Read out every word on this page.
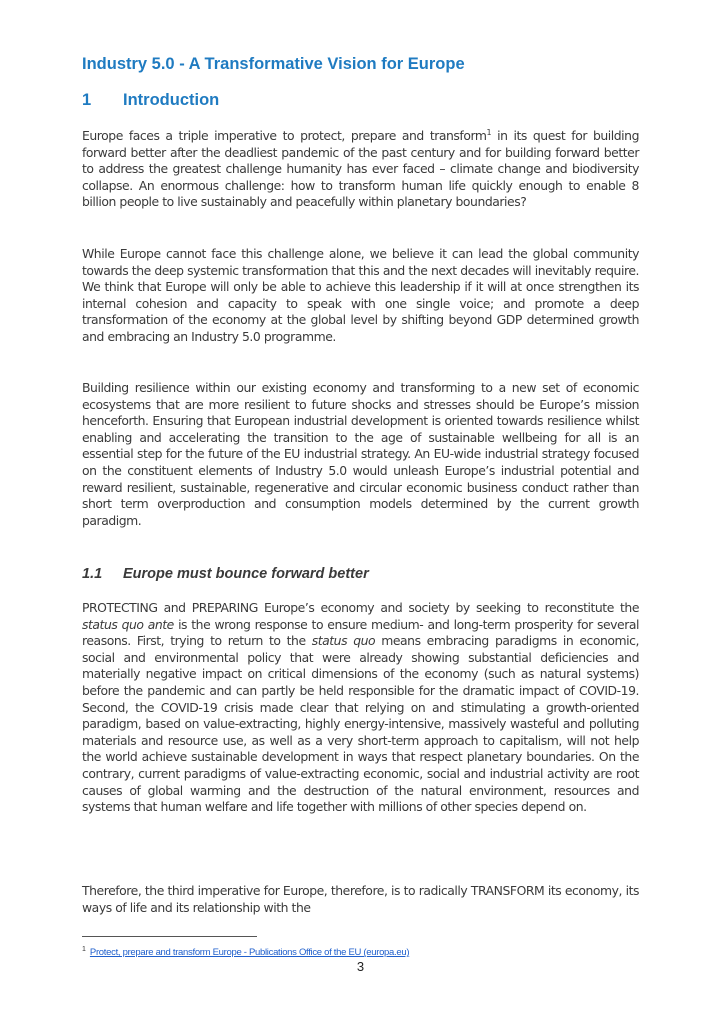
Industry 5.0 - A Transformative Vision for Europe
1 Introduction

Europe faces a triple imperative to protect, prepare and transform$^1$ in its quest for building forward better after the deadliest pandemic of the past century and for building forward better to address the greatest challenge humanity has ever faced – climate change and biodiversity collapse. An enormous challenge: how to transform human life quickly enough to enable 8 billion people to live sustainably and peacefully within planetary boundaries?

While Europe cannot face this challenge alone, we believe it can lead the global community towards the deep systemic transformation that this and the next decades will inevitably require. We think that Europe will only be able to achieve this leadership if it will at once strengthen its internal cohesion and capacity to speak with one single voice; and promote a deep transformation of the economy at the global level by shifting beyond GDP determined growth and embracing an Industry 5.0 programme.

Building resilience within our existing economy and transforming to a new set of economic ecosystems that are more resilient to future shocks and stresses should be Europe’s mission henceforth. Ensuring that European industrial development is oriented towards resilience whilst enabling and accelerating the transition to the age of sustainable wellbeing for all is an essential step for the future of the EU industrial strategy. An EU-wide industrial strategy focused on the constituent elements of Industry 5.0 would unleash Europe’s industrial potential and reward resilient, sustainable, regenerative and circular economic business conduct rather than short term overproduction and consumption models determined by the current growth paradigm.

1.1 Europe must bounce forward better

PROTECTING and PREPARING Europe’s economy and society by seeking to reconstitute the status quo ante is the wrong response to ensure medium- and long-term prosperity for several reasons. First, trying to return to the status quo means embracing paradigms in economic, social and environmental policy that were already showing substantial deficiencies and materially negative impact on critical dimensions of the economy (such as natural systems) before the pandemic and can partly be held responsible for the dramatic impact of COVID-19. Second, the COVID-19 crisis made clear that relying on and stimulating a growth-oriented paradigm, based on value-extracting, highly energy-intensive, massively wasteful and polluting materials and resource use, as well as a very short-term approach to capitalism, will not help the world achieve sustainable development in ways that respect planetary boundaries. On the contrary, current paradigms of value-extracting economic, social and industrial activity are root causes of global warming and the destruction of the natural environment, resources and systems that human welfare and life together with millions of other species depend on.

Therefore, the third imperative for Europe, therefore, is to radically TRANSFORM its economy, its ways of life and its relationship with the

$^1$ Protect, prepare and transform Europe - Publications Office of the EU (europa.eu)

3
